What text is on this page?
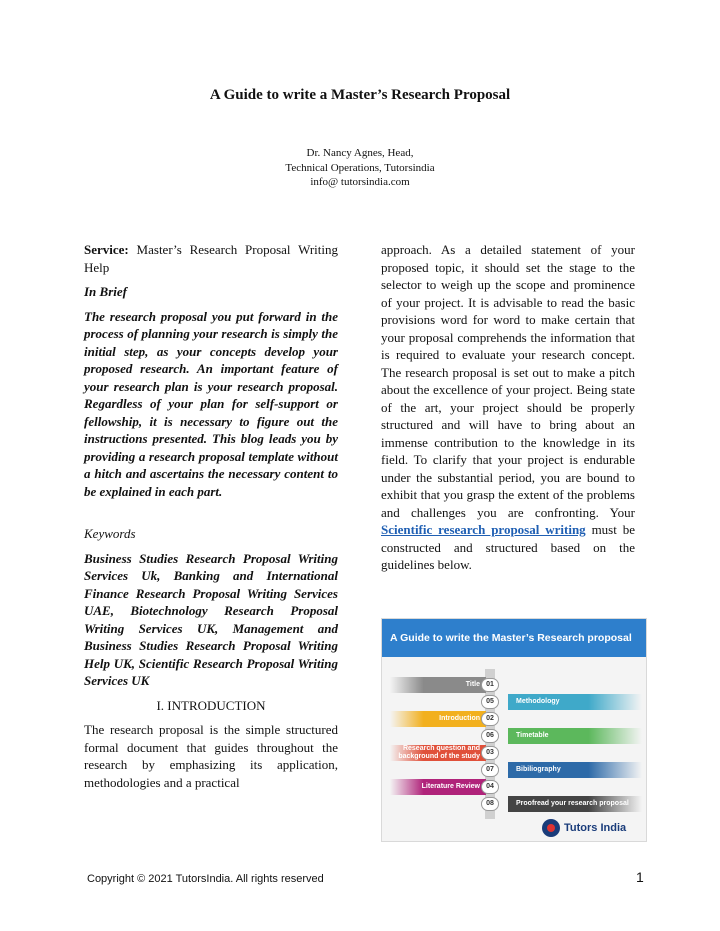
A Guide to write a Master’s Research Proposal
Dr. Nancy Agnes, Head,
Technical Operations, Tutorsindia
info@ tutorsindia.com

Service: Master’s Research Proposal Writing Help

In Brief

The research proposal you put forward in the process of planning your research is simply the initial step, as your concepts develop your proposed research. An important feature of your research plan is your research proposal. Regardless of your plan for self-support or fellowship, it is necessary to figure out the instructions presented. This blog leads you by providing a research proposal template without a hitch and ascertains the necessary content to be explained in each part.

Keywords

Business Studies Research Proposal Writing Services Uk, Banking and International Finance Research Proposal Writing Services UAE, Biotechnology Research Proposal Writing Services UK, Management and Business Studies Research Proposal Writing Help UK, Scientific Research Proposal Writing Services UK

I. INTRODUCTION

The research proposal is the simple structured formal document that guides throughout the research by emphasizing its application, methodologies and a practical

approach. As a detailed statement of your proposed topic, it should set the stage to the selector to weigh up the scope and prominence of your project. It is advisable to read the basic provisions word for word to make certain that your proposal comprehends the information that is required to evaluate your research concept. The research proposal is set out to make a pitch about the excellence of your project. Being state of the art, your project should be properly structured and will have to bring about an immense contribution to the knowledge in its field. To clarify that your project is endurable under the substantial period, you are bound to exhibit that you grasp the extent of the problems and challenges you are confronting. Your Scientific research proposal writing must be constructed and structured based on the guidelines below.

A Guide to write the Master’s Research proposal
Title 01
Methodology
05
Introduction 02
Timetable
06
Research question and background of the study
03
Bibiliography
07
Literature Review 04
Proofread your research proposal
08
Tutors India
Copyright © 2021 TutorsIndia. All rights reserved	1
